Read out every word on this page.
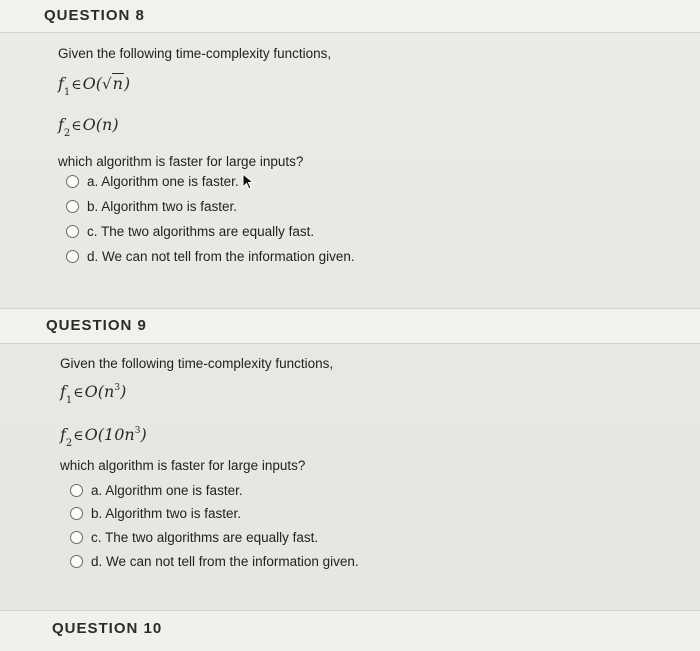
QUESTION 8
Given the following time-complexity functions,
$f_1\in O(√n)$
$f_2\in O(n)$
which algorithm is faster for large inputs?
a. Algorithm one is faster.
b. Algorithm two is faster.
c. The two algorithms are equally fast.
d. We can not tell from the information given.
QUESTION 9
Given the following time-complexity functions,
$f_1\in O(n^3)$
$f_2\in O(10n^3)$
which algorithm is faster for large inputs?
a. Algorithm one is faster.
b. Algorithm two is faster.
c. The two algorithms are equally fast.
d. We can not tell from the information given.
QUESTION 10
